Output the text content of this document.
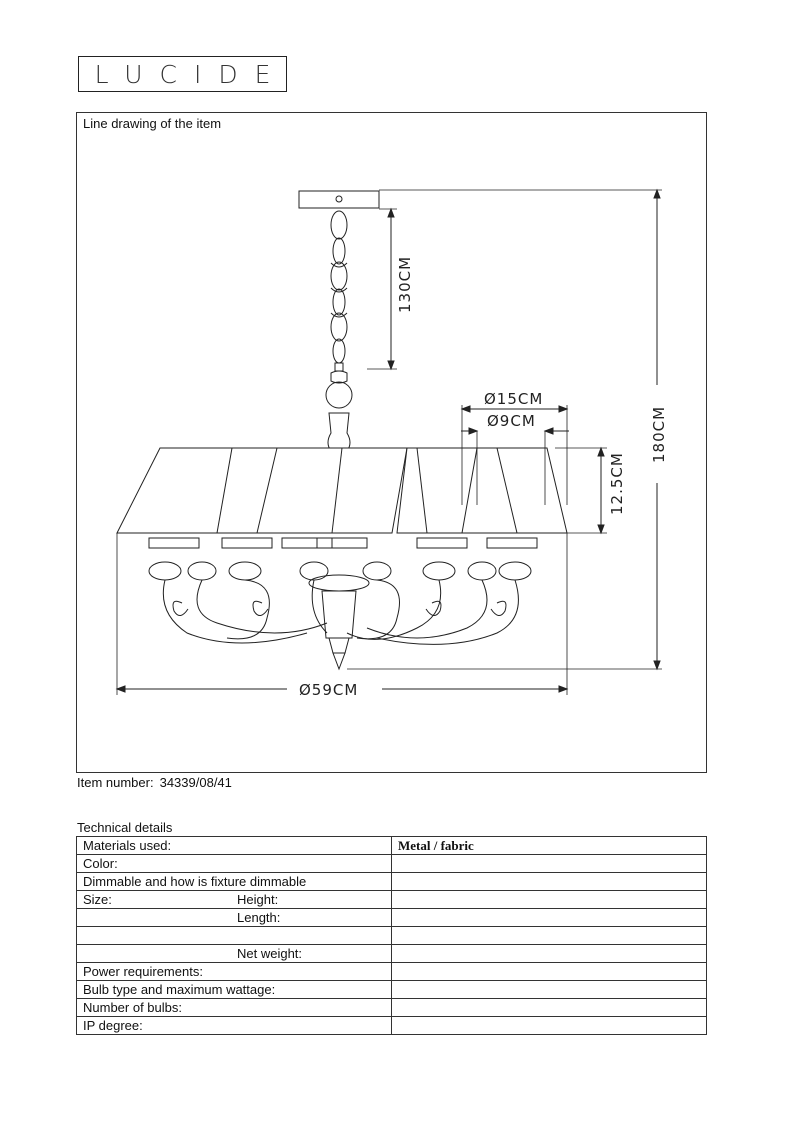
LUCIDE
Line drawing of the item
130CM
180CM
Ø15CM
Ø9CM
12.5CM
Ø59CM
Item number: 34339/08/41
Technical details
Materials used:	Metal / fabric
Color:

Dimmable and how is fixture dimmable

Size: Height:	

Length:	

Net weight:	

Power requirements:

Bulb type and maximum wattage:

Number of bulbs:

IP degree:
